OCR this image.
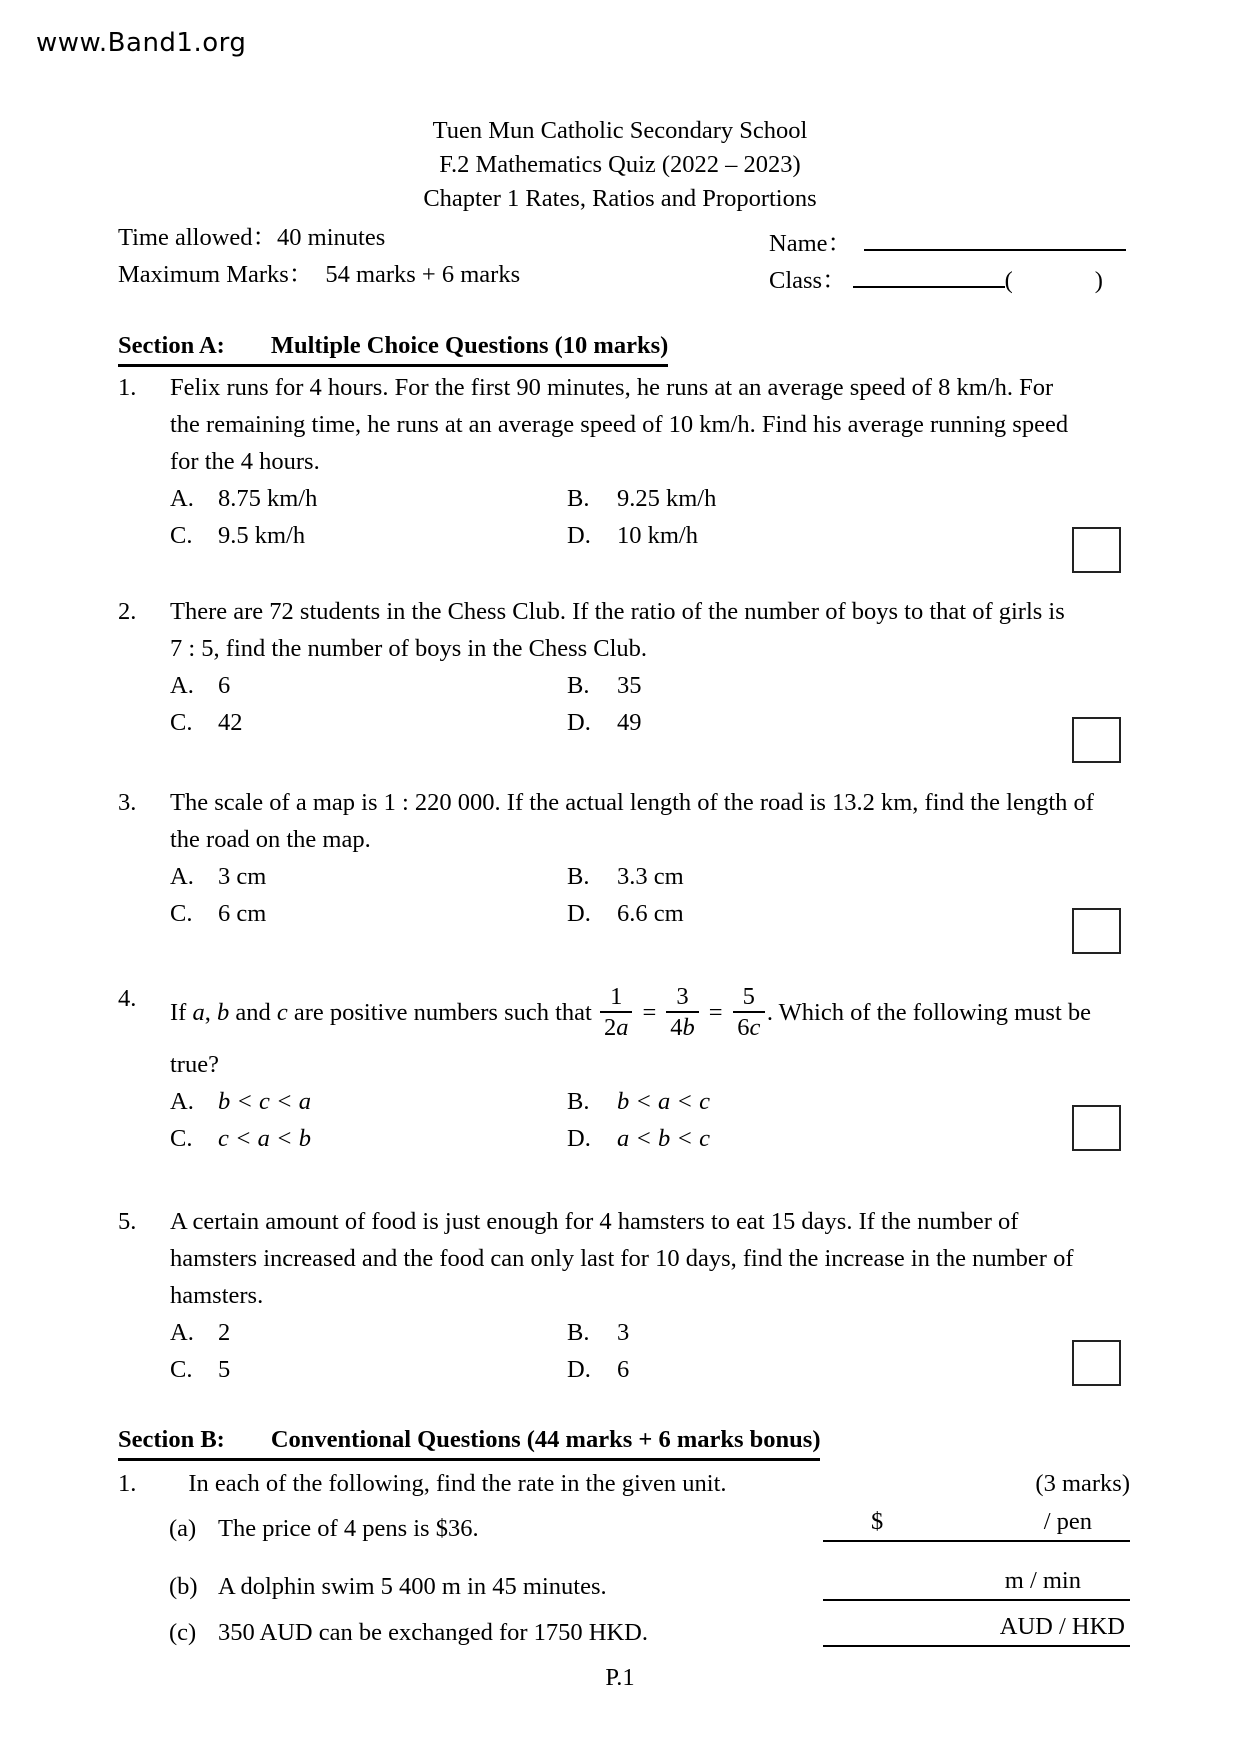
www.Band1.org
Tuen Mun Catholic Secondary School
F.2 Mathematics Quiz (2022 – 2023)
Chapter 1 Rates, Ratios and Proportions
Time allowed：40 minutes	Name：
Maximum Marks： 54 marks + 6 marks	Class：	(	)
Section A: Multiple Choice Questions (10 marks)
1. Felix runs for 4 hours. For the first 90 minutes, he runs at an average speed of 8 km/h. For
the remaining time, he runs at an average speed of 10 km/h. Find his average running speed
for the 4 hours.
A. 8.75 km/h	B.	9.25 km/h
C.	9.5 km/h	D.	10 km/h
2. There are 72 students in the Chess Club. If the ratio of the number of boys to that of girls is
7 : 5, find the number of boys in the Chess Club.
A. 6	B.	35
C.	42	D.	49
3. The scale of a map is 1 : 220 000. If the actual length of the road is 13.2 km, find the length of
the road on the map.
A. 3 cm	B.	3.3 cm
C.	6 cm	D.	6.6 cm
4.
If a, b and c are positive numbers such that $\frac{1}{2a} = \frac{3}{4b} = \frac{5}{6c}$ . Which of the following must be
true?
A. b < c < a	B.	b < a < c
C.	c < a < b	D.	a < b < c
5. A certain amount of food is just enough for 4 hamsters to eat 15 days. If the number of
hamsters increased and the food can only last for 10 days, find the increase in the number of
hamsters.
A. 2	B.	3
C.	5	D.	6
Section B: Conventional Questions (44 marks + 6 marks bonus)
1. In each of the following, find the rate in the given unit.	(3 marks)
(a) The price of 4 pens is $36.	$	/ pen
(b) A dolphin swim 5 400 m in 45 minutes.	m / min
(c) 350 AUD can be exchanged for 1750 HKD.	AUD / HKD
P.1
